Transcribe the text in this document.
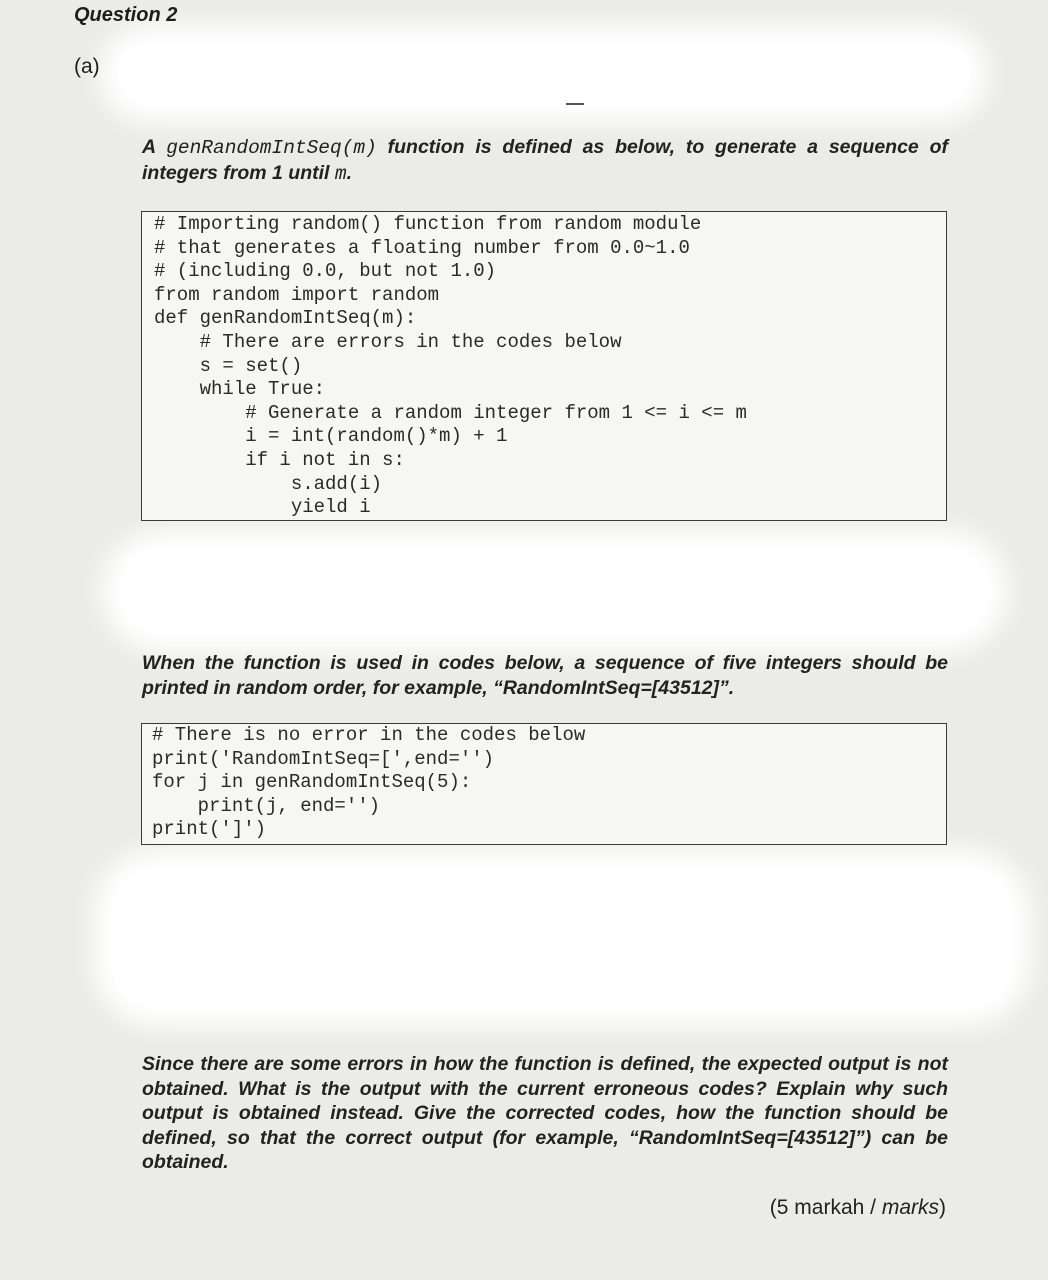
Question 2
(a)
A genRandomIntSeq(m) function is defined as below, to generate a sequence of integers from 1 until m.
# Importing random() function from random module
# that generates a floating number from 0.0~1.0
# (including 0.0, but not 1.0)
from random import random
def genRandomIntSeq(m):
# There are errors in the codes below
s = set()
while True:
# Generate a random integer from 1 <= i <= m
i = int(random()*m) + 1
if i not in s:
s.add(i)
yield i
When the function is used in codes below, a sequence of five integers should be printed in random order, for example, “RandomIntSeq=[43512]”.
# There is no error in the codes below
print('RandomIntSeq=[',end='')
for j in genRandomIntSeq(5):
print(j, end='')
print(']')
Since there are some errors in how the function is defined, the expected output is not obtained. What is the output with the current erroneous codes? Explain why such output is obtained instead. Give the corrected codes, how the function should be defined, so that the correct output (for example, “RandomIntSeq=[43512]”) can be obtained.
(5 markah / marks)
